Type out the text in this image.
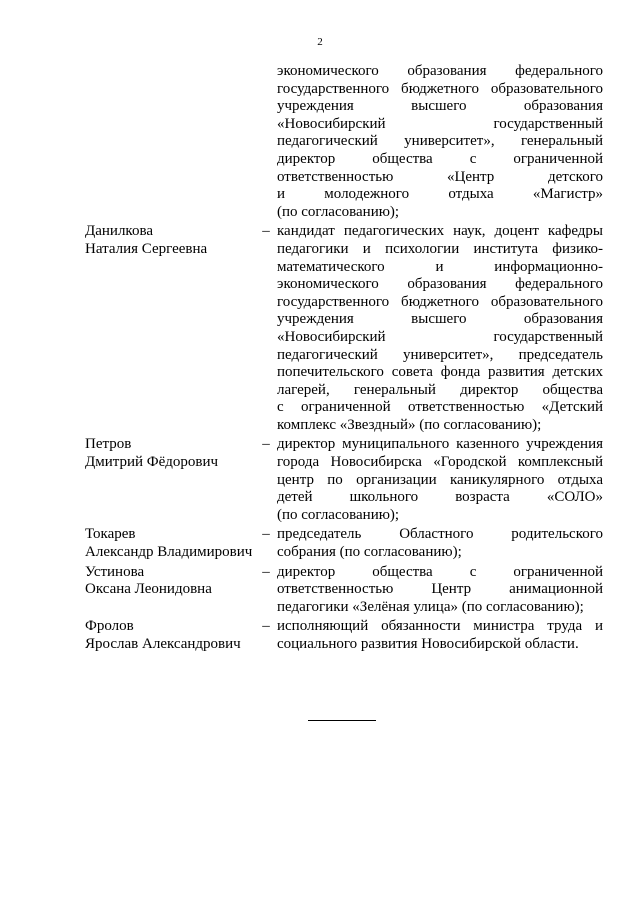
2
экономического образования федерального
государственного бюджетного образовательного
учреждения высшего образования
«Новосибирский государственный
педагогический университет», генеральный
директор общества с ограниченной
ответственностью «Центр детского
и молодежного отдыха «Магистр»
(по согласованию);
Данилкова
Наталия Сергеевна
– кандидат педагогических наук, доцент кафедры
педагогики и психологии института физико-
математического и информационно-
экономического образования федерального
государственного бюджетного образовательного
учреждения высшего образования
«Новосибирский государственный
педагогический университет», председатель
попечительского совета фонда развития детских
лагерей, генеральный директор общества
с ограниченной ответственностью «Детский
комплекс «Звездный» (по согласованию);
Петров
Дмитрий Фёдорович
– директор муниципального казенного учреждения
города Новосибирска «Городской комплексный
центр по организации каникулярного отдыха
детей школьного возраста «СОЛО»
(по согласованию);
Токарев
Александр Владимирович
– председатель Областного родительского
собрания (по согласованию);
Устинова
Оксана Леонидовна
– директор общества с ограниченной
ответственностью Центр анимационной
педагогики «Зелёная улица» (по согласованию);
Фролов
Ярослав Александрович
– исполняющий обязанности министра труда и
социального развития Новосибирской области.
